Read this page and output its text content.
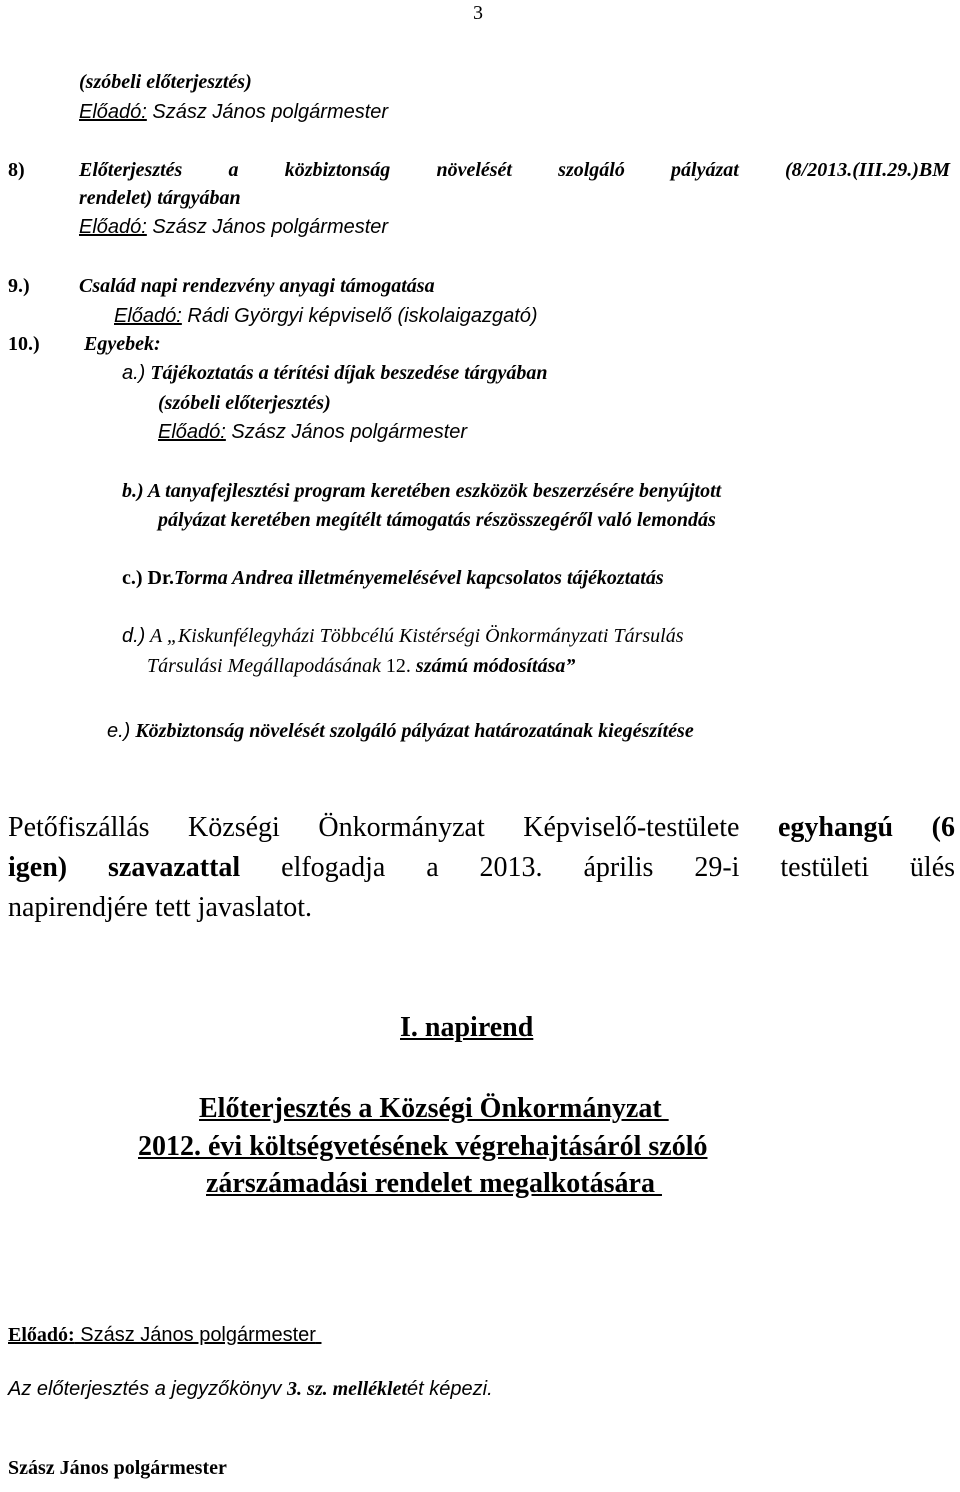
3
(szóbeli előterjesztés)
Előadó: Szász János polgármester
8)	Előterjesztés a közbiztonság növelését szolgáló pályázat (8/2013.(III.29.)BM
rendelet) tárgyában
Előadó: Szász János polgármester
9.) Család napi rendezvény anyagi támogatása
Előadó: Rádi Györgyi képviselő (iskolaigazgató)
10.) Egyebek:
a.) Tájékoztatás a térítési díjak beszedése tárgyában
(szóbeli előterjesztés)
Előadó: Szász János polgármester
b.) A tanyafejlesztési program keretében eszközök beszerzésére benyújtott
pályázat keretében megítélt támogatás részösszegéről való lemondás
c.) Dr.Torma Andrea illetményemelésével kapcsolatos tájékoztatás
d.) A „Kiskunfélegyházi Többcélú Kistérségi Önkormányzati Társulás
Társulási Megállapodásának 12. számú módosítása”
e.) Közbiztonság növelését szolgáló pályázat határozatának kiegészítése
Petőfiszállás Községi Önkormányzat Képviselő-testülete egyhangú (6
igen) szavazattal elfogadja a 2013. április 29-i testületi ülés
napirendjére tett javaslatot.
I. napirend
Előterjesztés a Községi Önkormányzat
2012. évi költségvetésének végrehajtásáról szóló
zárszámadási rendelet megalkotására
Előadó: Szász János polgármester
Az előterjesztés a jegyzőkönyv 3. sz. mellékletét képezi.
Szász János polgármester
